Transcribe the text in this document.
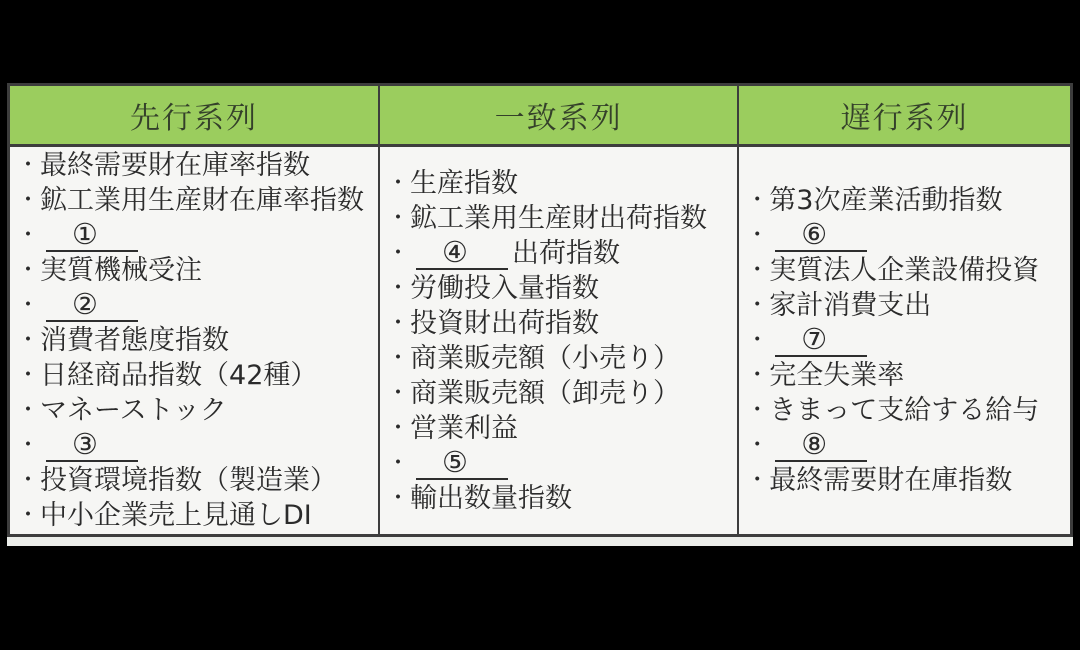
先行系列	一致系列	遅行系列
・最終需要財在庫率指数
・鉱工業用生産財在庫率指数
・ ①
・実質機械受注
・ ②
・消費者態度指数
・日経商品指数（42種）
・マネーストック
・ ③
・投資環境指数（製造業）
・中小企業売上見通しDI
・生産指数
・鉱工業用生産財出荷指数
・ ④ 出荷指数
・労働投入量指数
・投資財出荷指数
・商業販売額（小売り）
・商業販売額（卸売り）
・営業利益
・ ⑤
・輸出数量指数
・第3次産業活動指数
・ ⑥
・実質法人企業設備投資
・家計消費支出
・ ⑦
・完全失業率
・きまって支給する給与
・ ⑧
・最終需要財在庫指数
